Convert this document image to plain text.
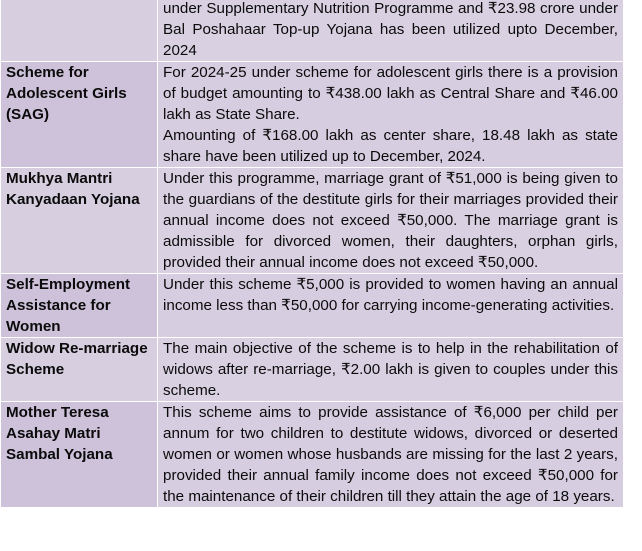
	under Supplementary Nutrition Programme and ₹23.98 crore under Bal Poshahaar Top-up Yojana has been utilized upto December, 2024

Scheme for Adolescent Girls (SAG)	For 2024-25 under scheme for adolescent girls there is a provision of budget amounting to ₹438.00 lakh as Central Share and ₹46.00 lakh as State Share.
Amounting of ₹168.00 lakh as center share, 18.48 lakh as state share have been utilized up to December, 2024.

Mukhya Mantri Kanyadaan Yojana	Under this programme, marriage grant of ₹51,000 is being given to the guardians of the destitute girls for their marriages provided their annual income does not exceed ₹50,000. The marriage grant is admissible for divorced women, their daughters, orphan girls, provided their annual income does not exceed ₹50,000.

Self-Employment Assistance for Women	Under this scheme ₹5,000 is provided to women having an annual income less than ₹50,000 for carrying income-generating activities.

Widow Re-marriage Scheme	The main objective of the scheme is to help in the rehabilitation of widows after re-marriage, ₹2.00 lakh is given to couples under this scheme.

Mother Teresa Asahay Matri Sambal Yojana	This scheme aims to provide assistance of ₹6,000 per child per annum for two children to destitute widows, divorced or deserted women or women whose husbands are missing for the last 2 years, provided their annual family income does not exceed ₹50,000 for the maintenance of their children till they attain the age of 18 years.
